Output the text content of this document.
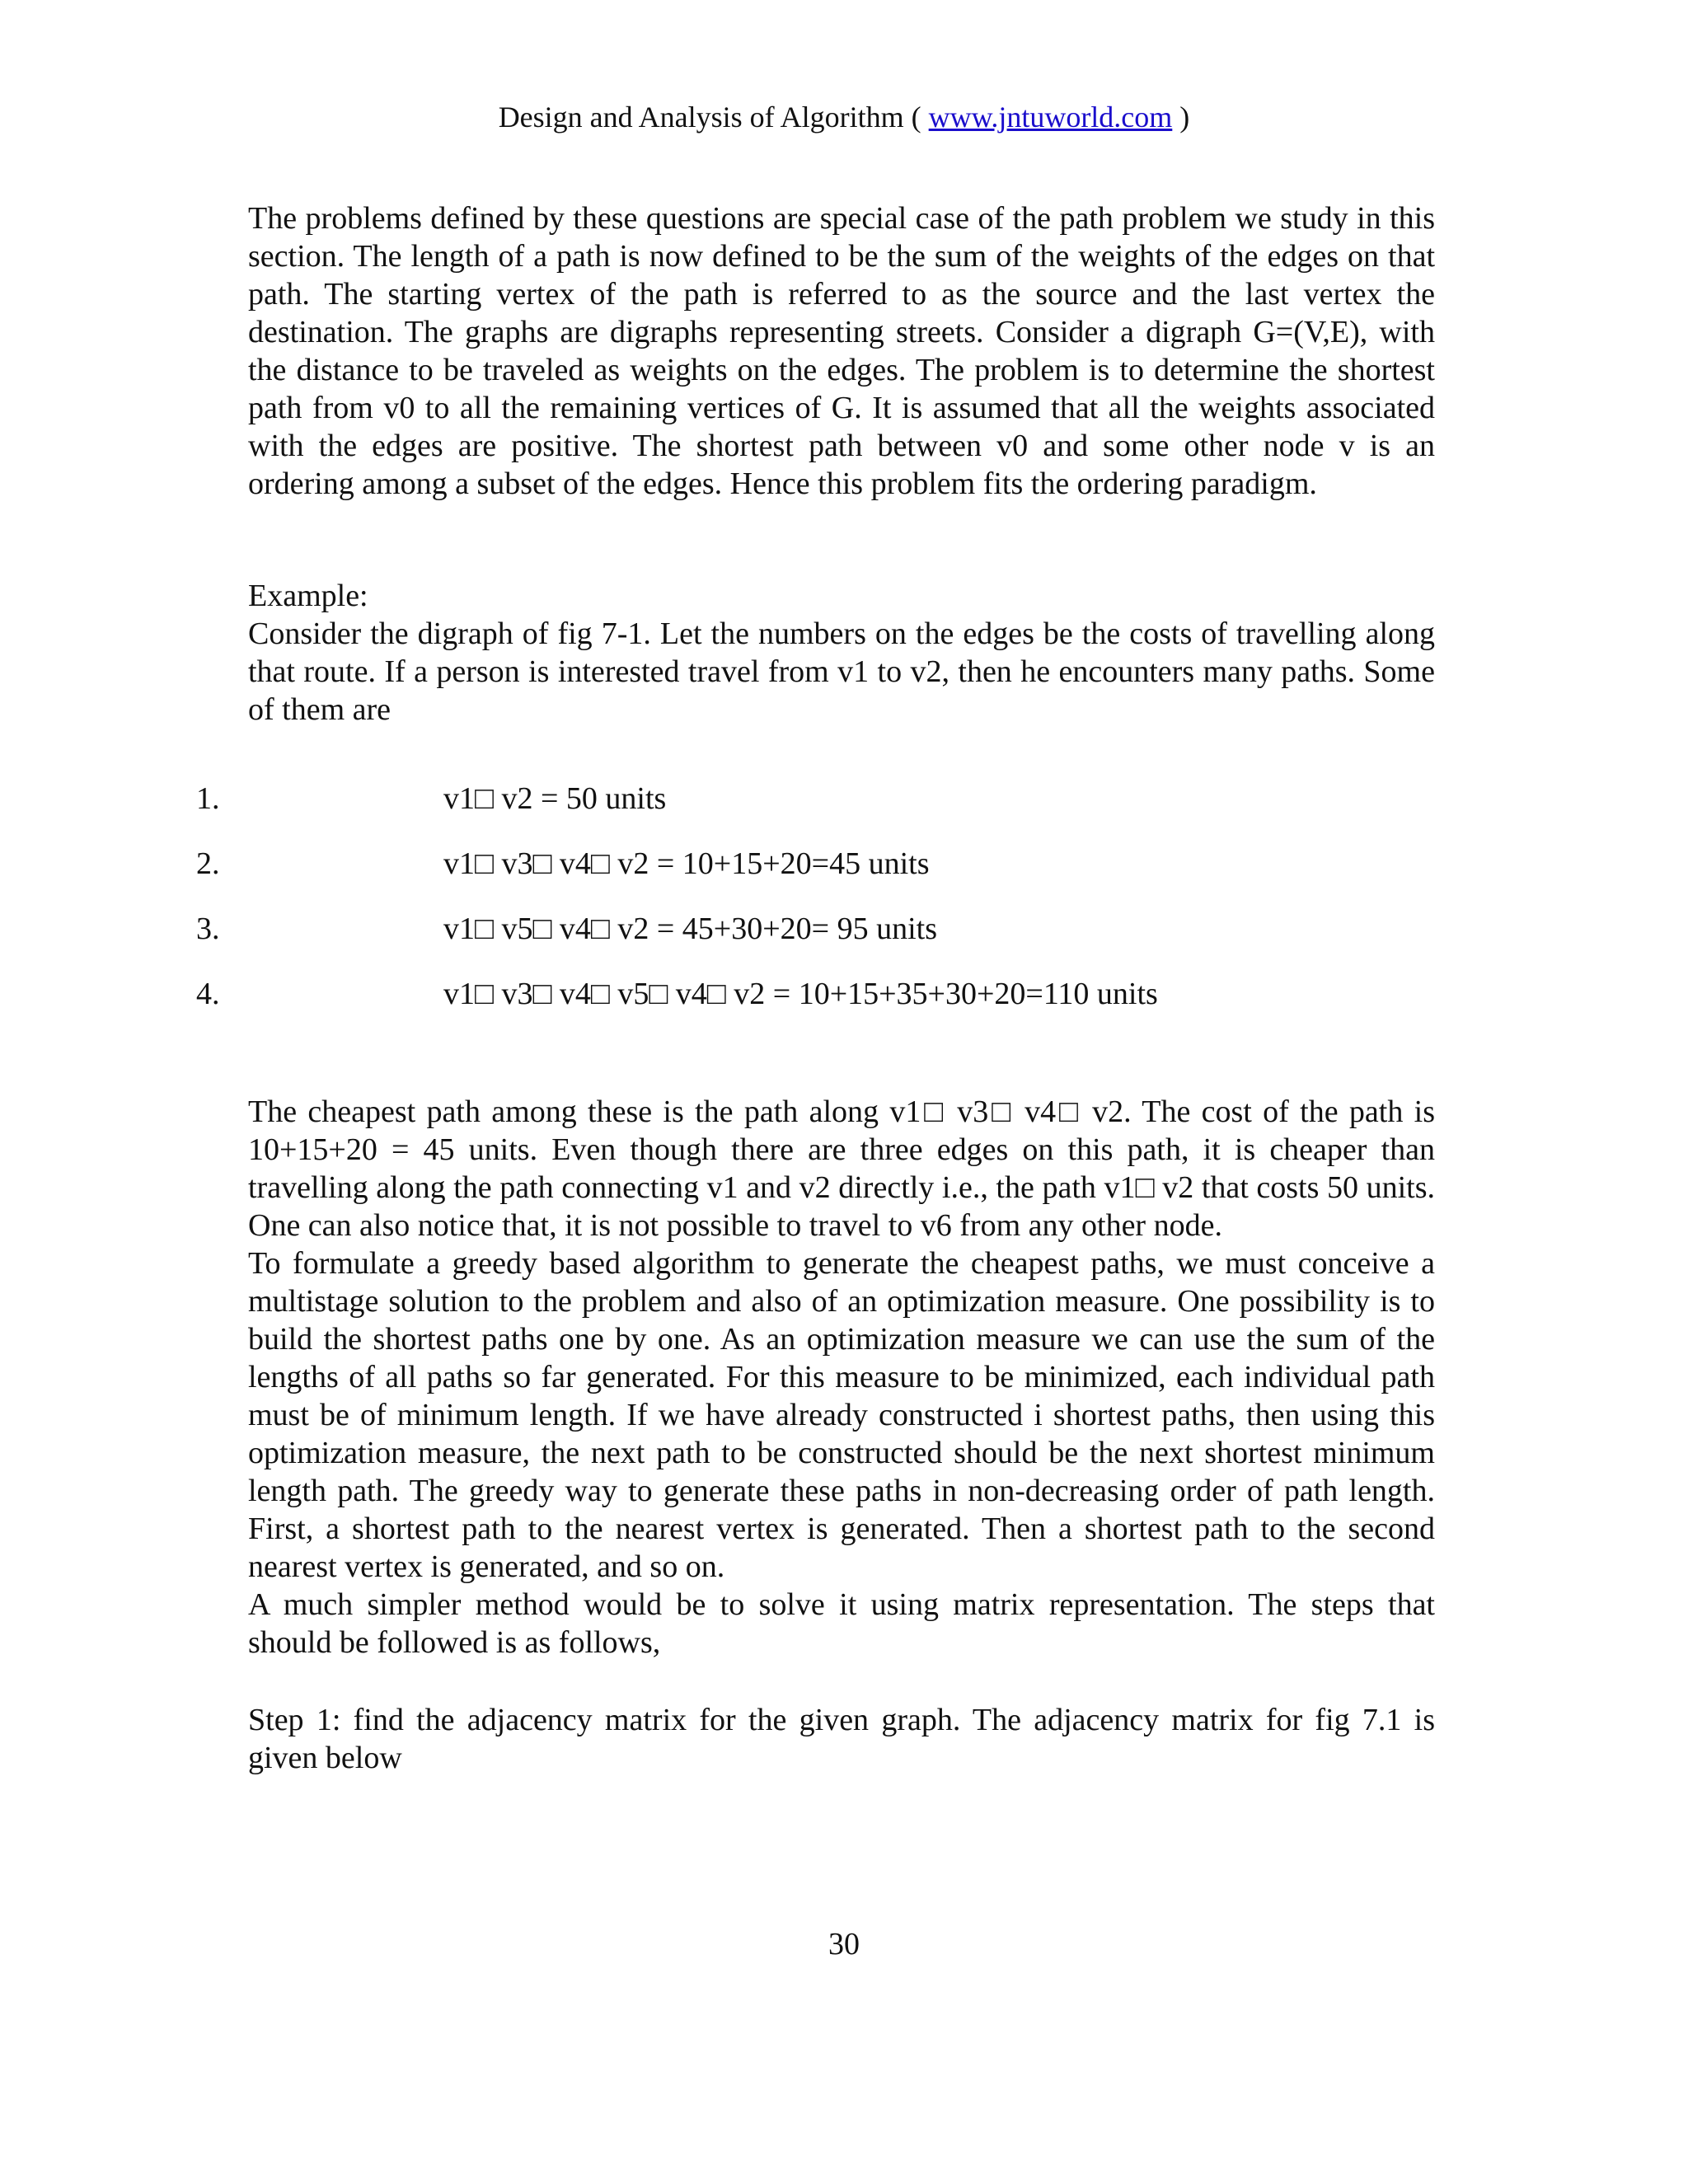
Design and Analysis of Algorithm ( www.jntuworld.com )

The problems defined by these questions are special case of the path problem we study in this section. The length of a path is now defined to be the sum of the weights of the edges on that path. The starting vertex of the path is referred to as the source and the last vertex the destination. The graphs are digraphs representing streets. Consider a digraph G=(V,E), with the distance to be traveled as weights on the edges. The problem is to determine the shortest path from v0 to all the remaining vertices of G. It is assumed that all the weights associated with the edges are positive. The shortest path between v0 and some other node v is an ordering among a subset of the edges. Hence this problem fits the ordering paradigm.

Example:

Consider the digraph of fig 7-1. Let the numbers on the edges be the costs of travelling along that route. If a person is interested travel from v1 to v2, then he encounters many paths. Some of them are

1.	v1□ v2 = 50 units
2.	v1□ v3□ v4□ v2 = 10+15+20=45 units
3.	v1□ v5□ v4□ v2 = 45+30+20= 95 units
4.	v1□ v3□ v4□ v5□ v4□ v2 = 10+15+35+30+20=110 units

The cheapest path among these is the path along v1□ v3□ v4□ v2. The cost of the path is 10+15+20 = 45 units. Even though there are three edges on this path, it is cheaper than travelling along the path connecting v1 and v2 directly i.e., the path v1□ v2 that costs 50 units. One can also notice that, it is not possible to travel to v6 from any other node.

To formulate a greedy based algorithm to generate the cheapest paths, we must conceive a multistage solution to the problem and also of an optimization measure. One possibility is to build the shortest paths one by one. As an optimization measure we can use the sum of the lengths of all paths so far generated. For this measure to be minimized, each individual path must be of minimum length. If we have already constructed i shortest paths, then using this optimization measure, the next path to be constructed should be the next shortest minimum length path. The greedy way to generate these paths in non-decreasing order of path length. First, a shortest path to the nearest vertex is generated. Then a shortest path to the second nearest vertex is generated, and so on.

A much simpler method would be to solve it using matrix representation. The steps that should be followed is as follows,

Step 1: find the adjacency matrix for the given graph. The adjacency matrix for fig 7.1 is given below

30
